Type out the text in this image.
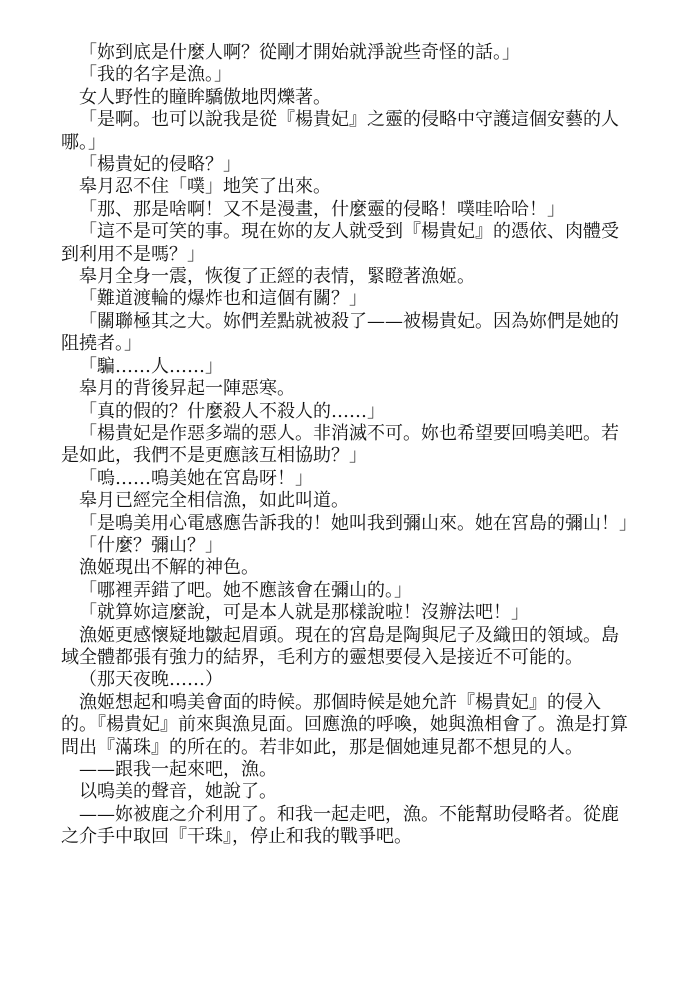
「妳到底是什麼人啊？從剛才開始就淨說些奇怪的話。」

「我的名字是漁。」

女人野性的瞳眸驕傲地閃爍著。

「是啊。也可以說我是從『楊貴妃』之靈的侵略中守護這個安藝的人哪。」

「楊貴妃的侵略？」

皋月忍不住「噗」地笑了出來。

「那、那是啥啊！又不是漫畫，什麼靈的侵略！噗哇哈哈！」

「這不是可笑的事。現在妳的友人就受到『楊貴妃』的憑依、肉體受到利用不是嗎？」

皋月全身一震，恢復了正經的表情，緊瞪著漁姬。

「難道渡輪的爆炸也和這個有關？」

「關聯極其之大。妳們差點就被殺了——被楊貴妃。因為妳們是她的阻撓者。」

「騙……人……」

皋月的背後昇起一陣惡寒。

「真的假的？什麼殺人不殺人的……」

「楊貴妃是作惡多端的惡人。非消滅不可。妳也希望要回鳴美吧。若是如此，我們不是更應該互相協助？」

「嗚……鳴美她在宮島呀！」

皋月已經完全相信漁，如此叫道。

「是鳴美用心電感應告訴我的！她叫我到彌山來。她在宮島的彌山！」

「什麼？彌山？」

漁姬現出不解的神色。

「哪裡弄錯了吧。她不應該會在彌山的。」

「就算妳這麼說，可是本人就是那樣說啦！沒辦法吧！」

漁姬更感懷疑地皺起眉頭。現在的宮島是陶與尼子及織田的領域。島域全體都張有強力的結界，毛利方的靈想要侵入是接近不可能的。

（那天夜晚……）

漁姬想起和鳴美會面的時候。那個時候是她允許『楊貴妃』的侵入的。『楊貴妃』前來與漁見面。回應漁的呼喚，她與漁相會了。漁是打算問出『滿珠』的所在的。若非如此，那是個她連見都不想見的人。

——跟我一起來吧，漁。

以鳴美的聲音，她說了。

——妳被鹿之介利用了。和我一起走吧，漁。不能幫助侵略者。從鹿之介手中取回『干珠』，停止和我的戰爭吧。
